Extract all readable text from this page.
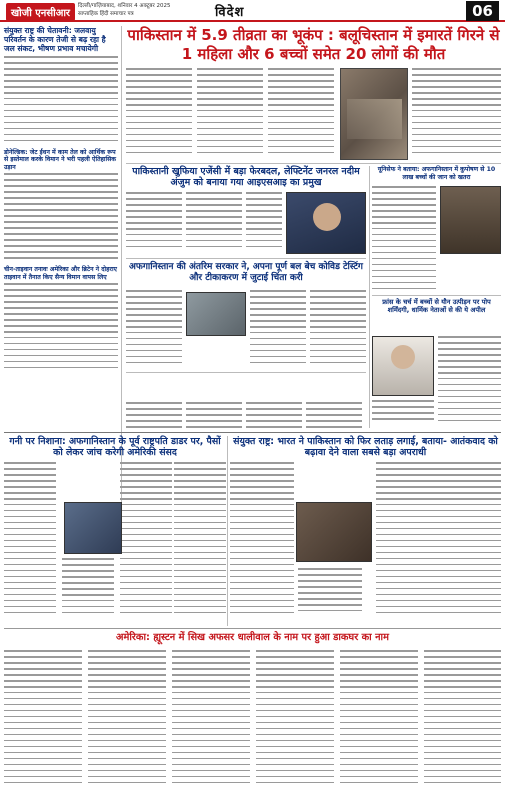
खोजी एनसीआर
दिल्ली/गाज़ियाबाद, शनिवार 4 अक्टूबर 2025
साप्ताहिक हिंदी समाचार पत्र	विदेश	06
संयुक्त राष्ट्र की चेतावनी: जलवायु परिवर्तन के कारण तेजी से बढ़ रहा है जल संकट, भीषण प्रभाव मचायेगी
डोनेल्डिक: जेट ईंधन में काम तेल को आर्थिक रूप से इस्तेमाल करके विमान ने भरी पहली ऐतिहासिक उड़ान
चीन-ताइवान तनावः अमेरिका और ब्रिटेन ने दोहराए ताइवान में तैनात किए सैन्य विमान वापस लिए
पाकिस्तान में 5.9 तीव्रता का भूकंप : बलूचिस्तान में इमारतें गिरने से 1 महिला और 6 बच्चों समेत 20 लोगों की मौत
पाकिस्तानी खुफिया एजेंसी में बड़ा फेरबदल, लेफ्टिनेंट जनरल नदीम अंजुम को बनाया गया आइएसआइ का प्रमुख
यूनिसेफ ने बताया: अफगानिस्तान में कुपोषण से 10 लाख बच्चों की जान को खतरा
अफगानिस्तान की अंतरिम सरकार ने, अपना पूर्ण बल बेच कोविड टेस्टिंग और टीकाकरण में जुटाई चिंता करी
फ्रांस के चर्च में बच्चों से यौन उत्पीड़न पर पोप शर्मिंदगी, धार्मिक नेताओं से की ये अपील
गनी पर निशाना: अफगानिस्तान के पूर्व राष्ट्रपति डाडर पर, पैसों को लेकर जांच करेगी अमेरिकी संसद
संयुक्त राष्ट्र: भारत ने पाकिस्तान को फिर लताड़ लगाई, बताया- आतंकवाद को बढ़ावा देने वाला सबसे बड़ा अपराधी
अमेरिका: ह्यूस्टन में सिख अफसर धालीवाल के नाम पर हुआ डाकघर का नाम
